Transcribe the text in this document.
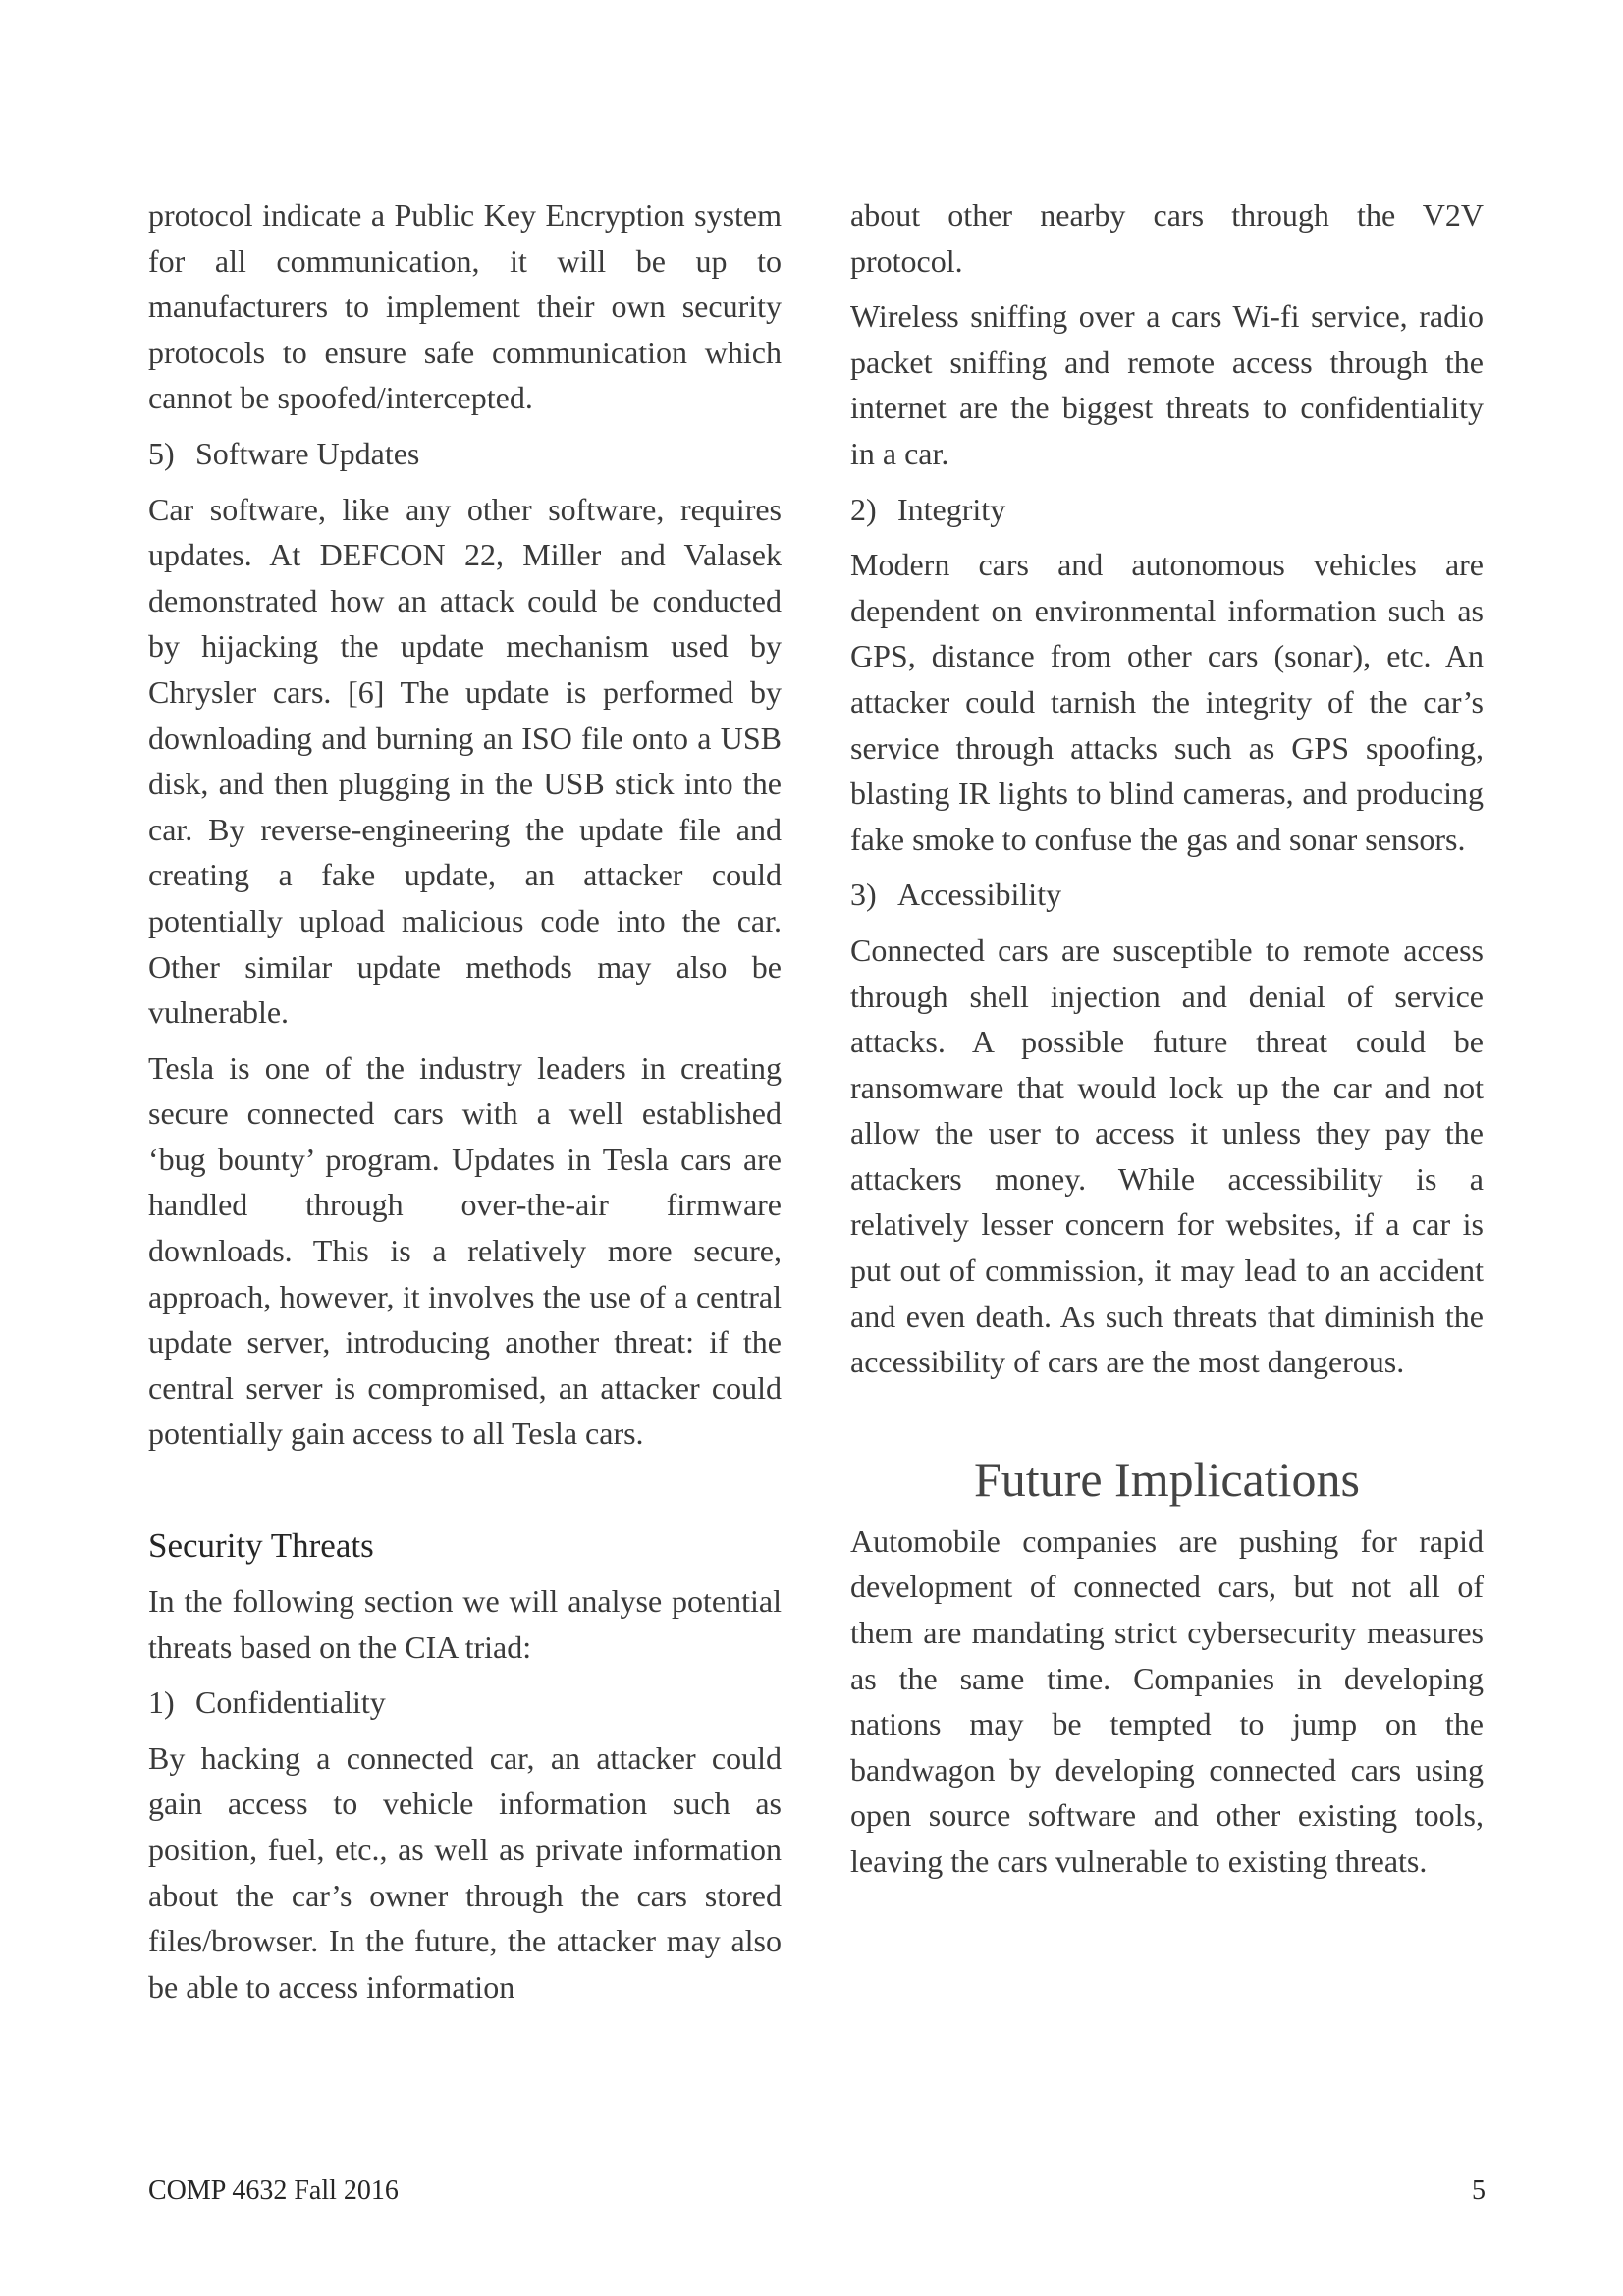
protocol indicate a Public Key Encryption system for all communication, it will be up to manufacturers to implement their own security protocols to ensure safe communication which cannot be spoofed/intercepted.

5) Software Updates

Car software, like any other software, requires updates. At DEFCON 22, Miller and Valasek demonstrated how an attack could be conducted by hijacking the update mechanism used by Chrysler cars. [6] The update is performed by downloading and burning an ISO file onto a USB disk, and then plugging in the USB stick into the car. By reverse-engineering the update file and creating a fake update, an attacker could potentially upload malicious code into the car. Other similar update methods may also be vulnerable.

Tesla is one of the industry leaders in creating secure connected cars with a well established ‘bug bounty’ program. Updates in Tesla cars are handled through over-the-air firmware downloads. This is a relatively more secure, approach, however, it involves the use of a central update server, introducing another threat: if the central server is compromised, an attacker could potentially gain access to all Tesla cars.

Security Threats

In the following section we will analyse potential threats based on the CIA triad:

1) Confidentiality

By hacking a connected car, an attacker could gain access to vehicle information such as position, fuel, etc., as well as private information about the car’s owner through the cars stored files/browser. In the future, the attacker may also be able to access information

about other nearby cars through the V2V protocol.

Wireless sniffing over a cars Wi-fi service, radio packet sniffing and remote access through the internet are the biggest threats to confidentiality in a car.

2) Integrity

Modern cars and autonomous vehicles are dependent on environmental information such as GPS, distance from other cars (sonar), etc. An attacker could tarnish the integrity of the car’s service through attacks such as GPS spoofing, blasting IR lights to blind cameras, and producing fake smoke to confuse the gas and sonar sensors.

3) Accessibility

Connected cars are susceptible to remote access through shell injection and denial of service attacks. A possible future threat could be ransomware that would lock up the car and not allow the user to access it unless they pay the attackers money. While accessibility is a relatively lesser concern for websites, if a car is put out of commission, it may lead to an accident and even death. As such threats that diminish the accessibility of cars are the most dangerous.

Future Implications

Automobile companies are pushing for rapid development of connected cars, but not all of them are mandating strict cybersecurity measures as the same time. Companies in developing nations may be tempted to jump on the bandwagon by developing connected cars using open source software and other existing tools, leaving the cars vulnerable to existing threats.

COMP 4632 Fall 2016	5
